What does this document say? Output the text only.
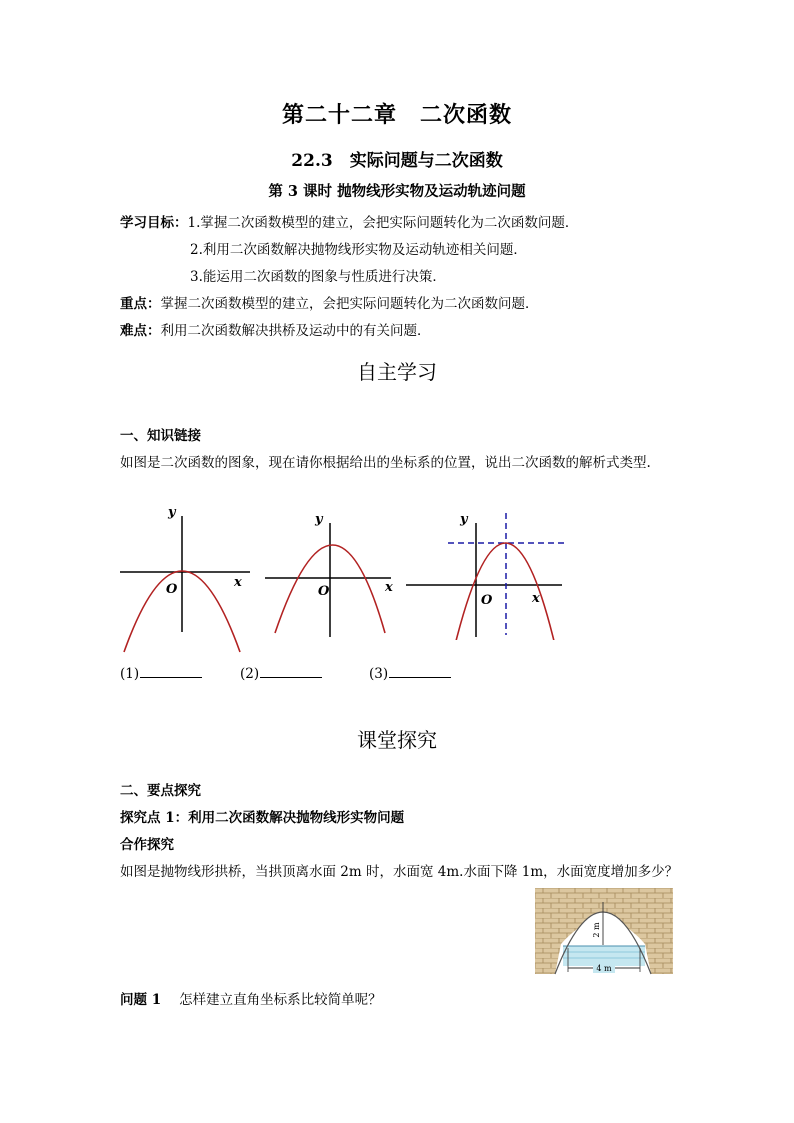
第二十二章　二次函数
22.3　实际问题与二次函数
第 3 课时 抛物线形实物及运动轨迹问题
学习目标：1.掌握二次函数模型的建立，会把实际问题转化为二次函数问题．
2.利用二次函数解决抛物线形实物及运动轨迹相关问题．
3.能运用二次函数的图象与性质进行决策．
重点：掌握二次函数模型的建立，会把实际问题转化为二次函数问题．
难点：利用二次函数解决拱桥及运动中的有关问题．
自主学习
一、知识链接
如图是二次函数的图象，现在请你根据给出的坐标系的位置，说出二次函数的解析式类型.
y
x
O
y
x
O
y
x
O
(1)	(2)	(3)
课堂探究
二、要点探究
探究点 1：利用二次函数解决抛物线形实物问题
合作探究
如图是抛物线形拱桥，当拱顶离水面 2m 时，水面宽 4m.水面下降 1m，水面宽度增加多少？
2 m
4 m
问题 1 怎样建立直角坐标系比较简单呢？
